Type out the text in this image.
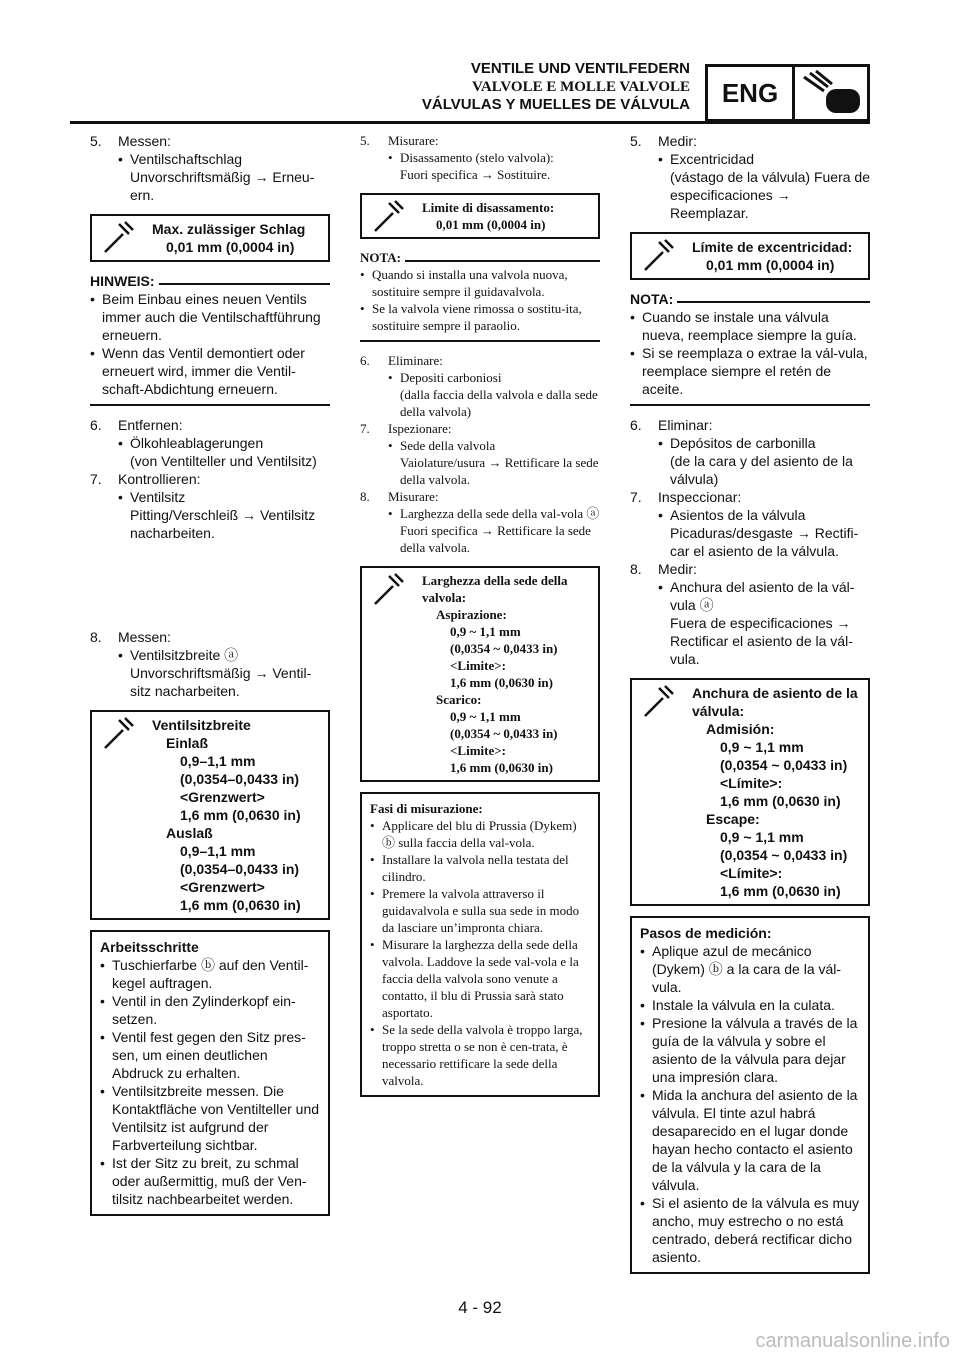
VENTILE UND VENTILFEDERN
VALVOLE E MOLLE VALVOLE
VÁLVULAS Y MUELLES DE VÁLVULA	ENG
5.	Messen:
• Ventilschaftschlag
Unvorschriftsmäßig → Erneu-ern.
Max. zulässiger Schlag
0,01 mm (0,0004 in)
HINWEIS:
• Beim Einbau eines neuen Ventils immer auch die Ventilschaftführung erneuern.
• Wenn das Ventil demontiert oder erneuert wird, immer die Ventil-schaft-Abdichtung erneuern.
6.	Entfernen:
• Ölkohleablagerungen
(von Ventilteller und Ventilsitz)
7.	Kontrollieren:
• Ventilsitz
Pitting/Verschleiß → Ventilsitz nacharbeiten.
8.	Messen:
• Ventilsitzbreite ⓐ
Unvorschriftsmäßig → Ventil-sitz nacharbeiten.
Ventilsitzbreite
Einlaß
0,9–1,1 mm
(0,0354–0,0433 in)
<Grenzwert>
1,6 mm (0,0630 in)
Auslaß
0,9–1,1 mm
(0,0354–0,0433 in)
<Grenzwert>
1,6 mm (0,0630 in)
Arbeitsschritte
• Tuschierfarbe ⓑ auf den Ventil-kegel auftragen.
• Ventil in den Zylinderkopf ein-setzen.
• Ventil fest gegen den Sitz pres-sen, um einen deutlichen Abdruck zu erhalten.
• Ventilsitzbreite messen. Die Kontaktfläche von Ventilteller und Ventilsitz ist aufgrund der Farbverteilung sichtbar.
• Ist der Sitz zu breit, zu schmal oder außermittig, muß der Ven-tilsitz nachbearbeitet werden.
5.	Misurare:
• Disassamento (stelo valvola):
Fuori specifica → Sostituire.
Limite di disassamento:
0,01 mm (0,0004 in)
NOTA:
• Quando si installa una valvola nuova, sostituire sempre il guidavalvola.
• Se la valvola viene rimossa o sostitu-ita, sostituire sempre il paraolio.
6.	Eliminare:
• Depositi carboniosi
(dalla faccia della valvola e dalla sede della valvola)
7.	Ispezionare:
• Sede della valvola
Vaiolature/usura → Rettificare la sede della valvola.
8.	Misurare:
• Larghezza della sede della val-vola ⓐ
Fuori specifica → Rettificare la sede della valvola.
Larghezza della sede della valvola:
Aspirazione:
0,9 ~ 1,1 mm
(0,0354 ~ 0,0433 in)
<Limite>:
1,6 mm (0,0630 in)
Scarico:
0,9 ~ 1,1 mm
(0,0354 ~ 0,0433 in)
<Limite>:
1,6 mm (0,0630 in)
Fasi di misurazione:
• Applicare del blu di Prussia (Dykem) ⓑ sulla faccia della val-vola.
• Installare la valvola nella testata del cilindro.
• Premere la valvola attraverso il guidavalvola e sulla sua sede in modo da lasciare un’impronta chiara.
• Misurare la larghezza della sede della valvola. Laddove la sede val-vola e la faccia della valvola sono venute a contatto, il blu di Prussia sarà stato asportato.
• Se la sede della valvola è troppo larga, troppo stretta o se non è cen-trata, è necessario rettificare la sede della valvola.
5.	Medir:
• Excentricidad
(vástago de la válvula) Fuera de especificaciones → Reemplazar.
Límite de excentricidad:
0,01 mm (0,0004 in)
NOTA:
• Cuando se instale una válvula nueva, reemplace siempre la guía.
• Si se reemplaza o extrae la vál-vula, reemplace siempre el retén de aceite.
6.	Eliminar:
• Depósitos de carbonilla
(de la cara y del asiento de la válvula)
7.	Inspeccionar:
• Asientos de la válvula
Picaduras/desgaste → Rectifi-car el asiento de la válvula.
8.	Medir:
• Anchura del asiento de la vál-vula ⓐ
Fuera de especificaciones → Rectificar el asiento de la vál-vula.
Anchura de asiento de la válvula:
Admisión:
0,9 ~ 1,1 mm
(0,0354 ~ 0,0433 in)
<Límite>:
1,6 mm (0,0630 in)
Escape:
0,9 ~ 1,1 mm
(0,0354 ~ 0,0433 in)
<Límite>:
1,6 mm (0,0630 in)
Pasos de medición:
• Aplique azul de mecánico (Dykem) ⓑ a la cara de la vál-vula.
• Instale la válvula en la culata.
• Presione la válvula a través de la guía de la válvula y sobre el asiento de la válvula para dejar una impresión clara.
• Mida la anchura del asiento de la válvula. El tinte azul habrá desaparecido en el lugar donde hayan hecho contacto el asiento de la válvula y la cara de la válvula.
• Si el asiento de la válvula es muy ancho, muy estrecho o no está centrado, deberá rectificar dicho asiento.
4 - 92
carmanualsonline.info
